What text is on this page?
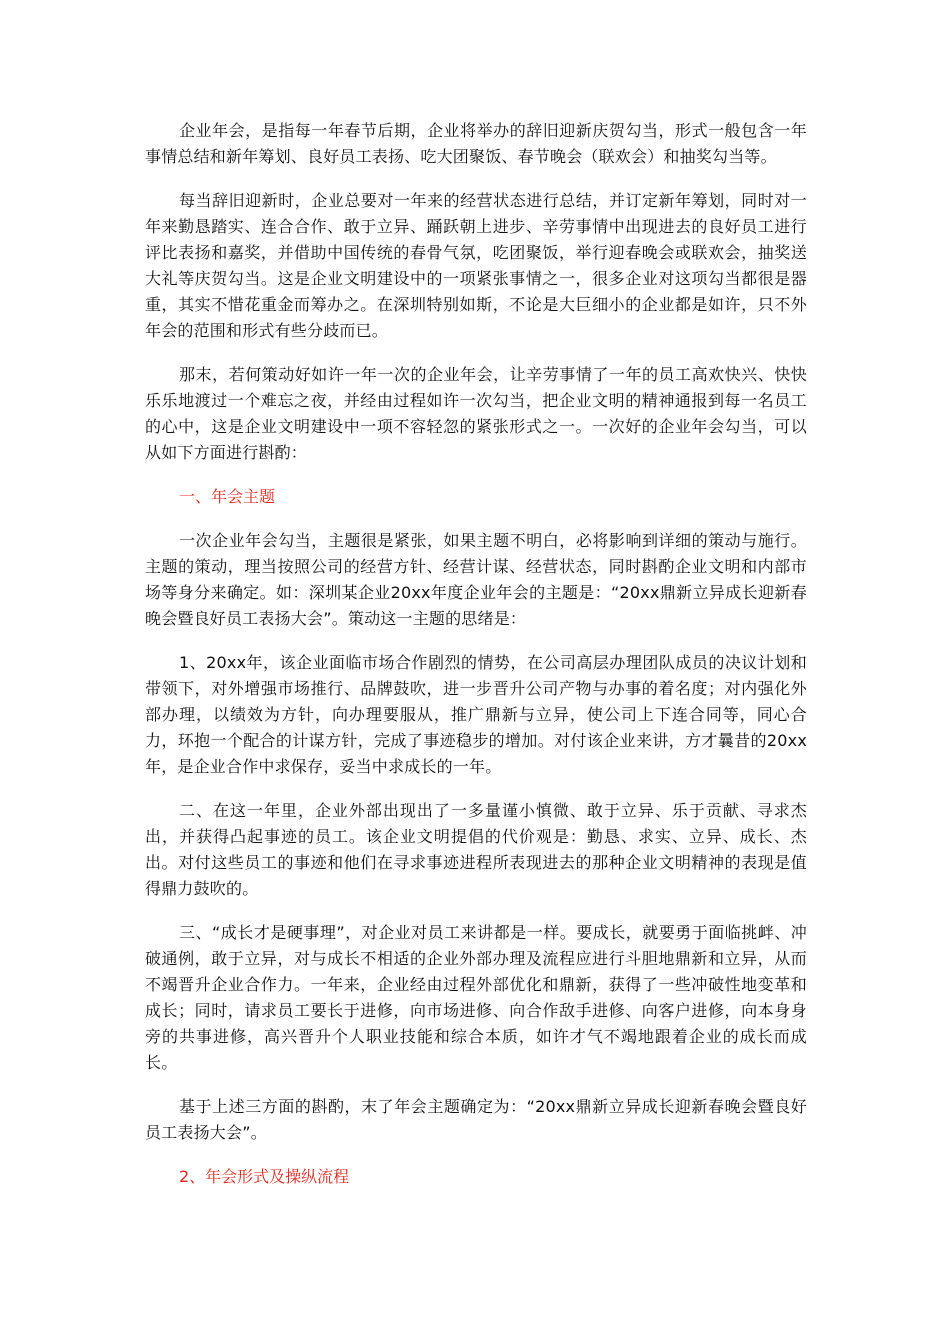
企业年会，是指每一年春节后期，企业将举办的辞旧迎新庆贺勾当，形式一般包含一年事情总结和新年筹划、良好员工表扬、吃大团聚饭、春节晚会（联欢会）和抽奖勾当等。

每当辞旧迎新时，企业总要对一年来的经营状态进行总结，并订定新年筹划，同时对一年来勤恳踏实、连合合作、敢于立异、踊跃朝上进步、辛劳事情中出现进去的良好员工进行评比表扬和嘉奖，并借助中国传统的春骨气氛，吃团聚饭，举行迎春晚会或联欢会，抽奖送大礼等庆贺勾当。这是企业文明建设中的一项紧张事情之一，很多企业对这项勾当都很是器重，其实不惜花重金而筹办之。在深圳特别如斯，不论是大巨细小的企业都是如许，只不外年会的范围和形式有些分歧而已。

那末，若何策动好如许一年一次的企业年会，让辛劳事情了一年的员工高欢快兴、快快乐乐地渡过一个难忘之夜，并经由过程如许一次勾当，把企业文明的精神通报到每一名员工的心中，这是企业文明建设中一项不容轻忽的紧张形式之一。一次好的企业年会勾当，可以从如下方面进行斟酌：

一、年会主题

一次企业年会勾当，主题很是紧张，如果主题不明白，必将影响到详细的策动与施行。主题的策动，理当按照公司的经营方针、经营计谋、经营状态，同时斟酌企业文明和内部市场等身分来确定。如：深圳某企业20xx年度企业年会的主题是：“20xx鼎新立异成长迎新春晚会暨良好员工表扬大会”。策动这一主题的思绪是：

1、20xx年，该企业面临市场合作剧烈的情势，在公司高层办理团队成员的决议计划和带领下，对外增强市场推行、品牌鼓吹，进一步晋升公司产物与办事的着名度；对内强化外部办理，以绩效为方针，向办理要服从，推广鼎新与立异，使公司上下连合同等，同心合力，环抱一个配合的计谋方针，完成了事迹稳步的增加。对付该企业来讲，方才曩昔的20xx年，是企业合作中求保存，妥当中求成长的一年。

二、在这一年里，企业外部出现出了一多量谨小慎微、敢于立异、乐于贡献、寻求杰出，并获得凸起事迹的员工。该企业文明提倡的代价观是：勤恳、求实、立异、成长、杰出。对付这些员工的事迹和他们在寻求事迹进程所表现进去的那种企业文明精神的表现是值得鼎力鼓吹的。

三、“成长才是硬事理”，对企业对员工来讲都是一样。要成长，就要勇于面临挑衅、冲破通例，敢于立异，对与成长不相适的企业外部办理及流程应进行斗胆地鼎新和立异，从而不竭晋升企业合作力。一年来，企业经由过程外部优化和鼎新，获得了一些冲破性地变革和成长；同时，请求员工要长于进修，向市场进修、向合作敌手进修、向客户进修，向本身身旁的共事进修，高兴晋升个人职业技能和综合本质，如许才气不竭地跟着企业的成长而成长。

基于上述三方面的斟酌，末了年会主题确定为：“20xx鼎新立异成长迎新春晚会暨良好员工表扬大会”。

2、年会形式及操纵流程
